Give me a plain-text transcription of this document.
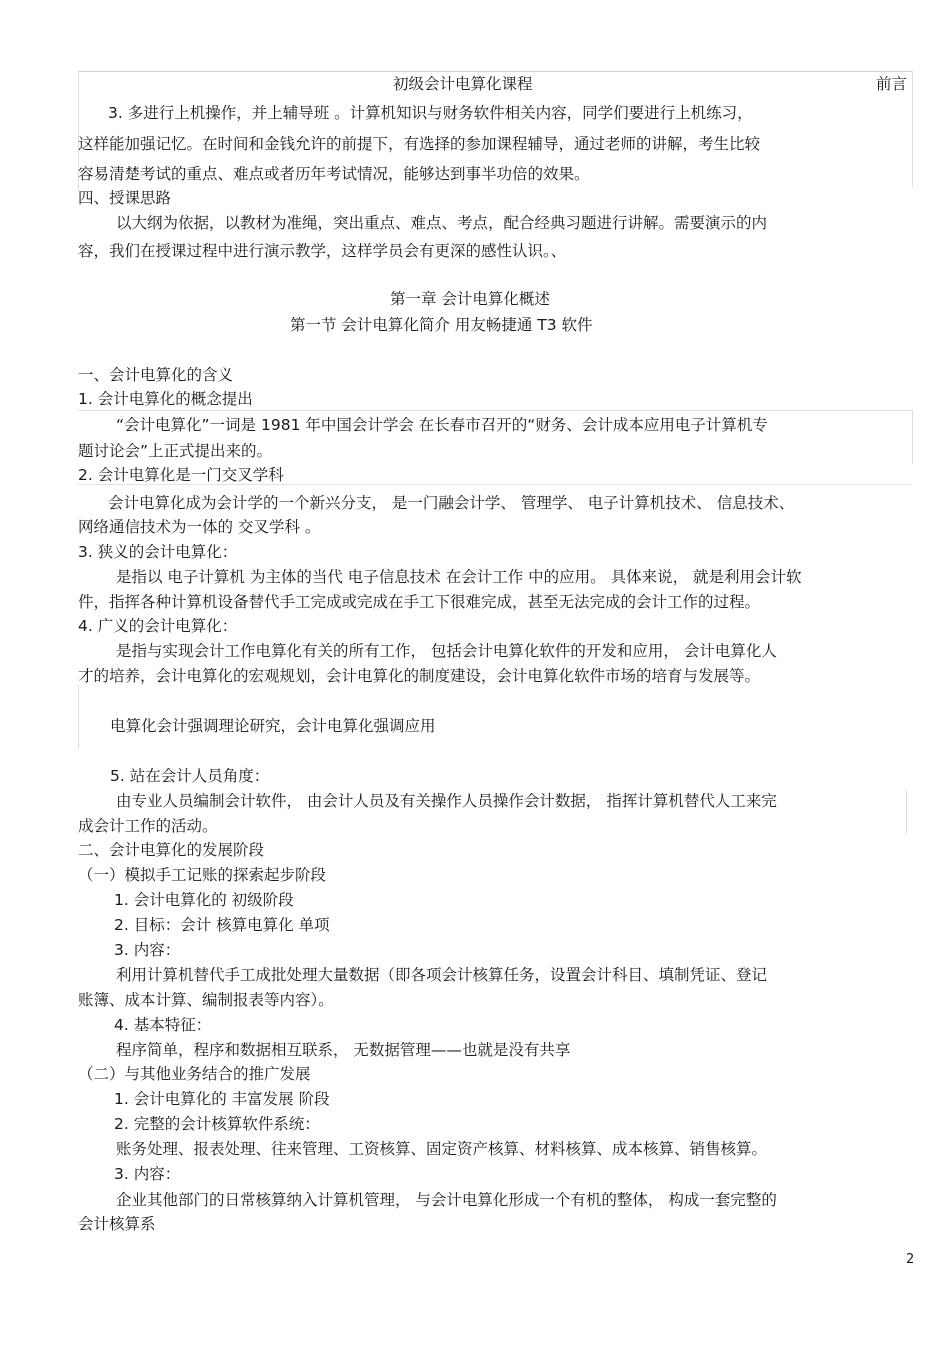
初级会计电算化课程	前言
3. 多进行上机操作，并上辅导班 。计算机知识与财务软件相关内容，同学们要进行上机练习，
这样能加强记忆。在时间和金钱允许的前提下，有选择的参加课程辅导，通过老师的讲解，考生比较
容易清楚考试的重点、难点或者历年考试情况，能够达到事半功倍的效果。
四、授课思路
以大纲为依据，以教材为准绳，突出重点、难点、考点，配合经典习题进行讲解。需要演示的内
容，我们在授课过程中进行演示教学，这样学员会有更深的感性认识。、
第一章 会计电算化概述
第一节 会计电算化简介 用友畅捷通 T3 软件
一、会计电算化的含义
1. 会计电算化的概念提出
“会计电算化”一词是 1981 年中国会计学会 在长春市召开的“财务、会计成本应用电子计算机专
题讨论会”上正式提出来的。
2. 会计电算化是一门交叉学科
会计电算化成为会计学的一个新兴分支， 是一门融会计学、 管理学、 电子计算机技术、 信息技术、
网络通信技术为一体的 交叉学科 。
3. 狭义的会计电算化：
是指以 电子计算机 为主体的当代 电子信息技术 在会计工作 中的应用。 具体来说， 就是利用会计软
件，指挥各种计算机设备替代手工完成或完成在手工下很难完成，甚至无法完成的会计工作的过程。
4. 广义的会计电算化：
是指与实现会计工作电算化有关的所有工作， 包括会计电算化软件的开发和应用， 会计电算化人
才的培养，会计电算化的宏观规划，会计电算化的制度建设，会计电算化软件市场的培育与发展等。
电算化会计强调理论研究，会计电算化强调应用
5. 站在会计人员角度：
由专业人员编制会计软件， 由会计人员及有关操作人员操作会计数据， 指挥计算机替代人工来完
成会计工作的活动。
二、会计电算化的发展阶段
（一）模拟手工记账的探索起步阶段
1. 会计电算化的 初级阶段
2. 目标：会计 核算电算化 单项
3. 内容：
利用计算机替代手工成批处理大量数据（即各项会计核算任务，设置会计科目、填制凭证、登记
账簿、成本计算、编制报表等内容）。
4. 基本特征：
程序简单，程序和数据相互联系， 无数据管理——也就是没有共享
（二）与其他业务结合的推广发展
1. 会计电算化的 丰富发展 阶段
2. 完整的会计核算软件系统：
账务处理、报表处理、往来管理、工资核算、固定资产核算、材料核算、成本核算、销售核算。
3. 内容：
企业其他部门的日常核算纳入计算机管理， 与会计电算化形成一个有机的整体， 构成一套完整的
会计核算系
2
